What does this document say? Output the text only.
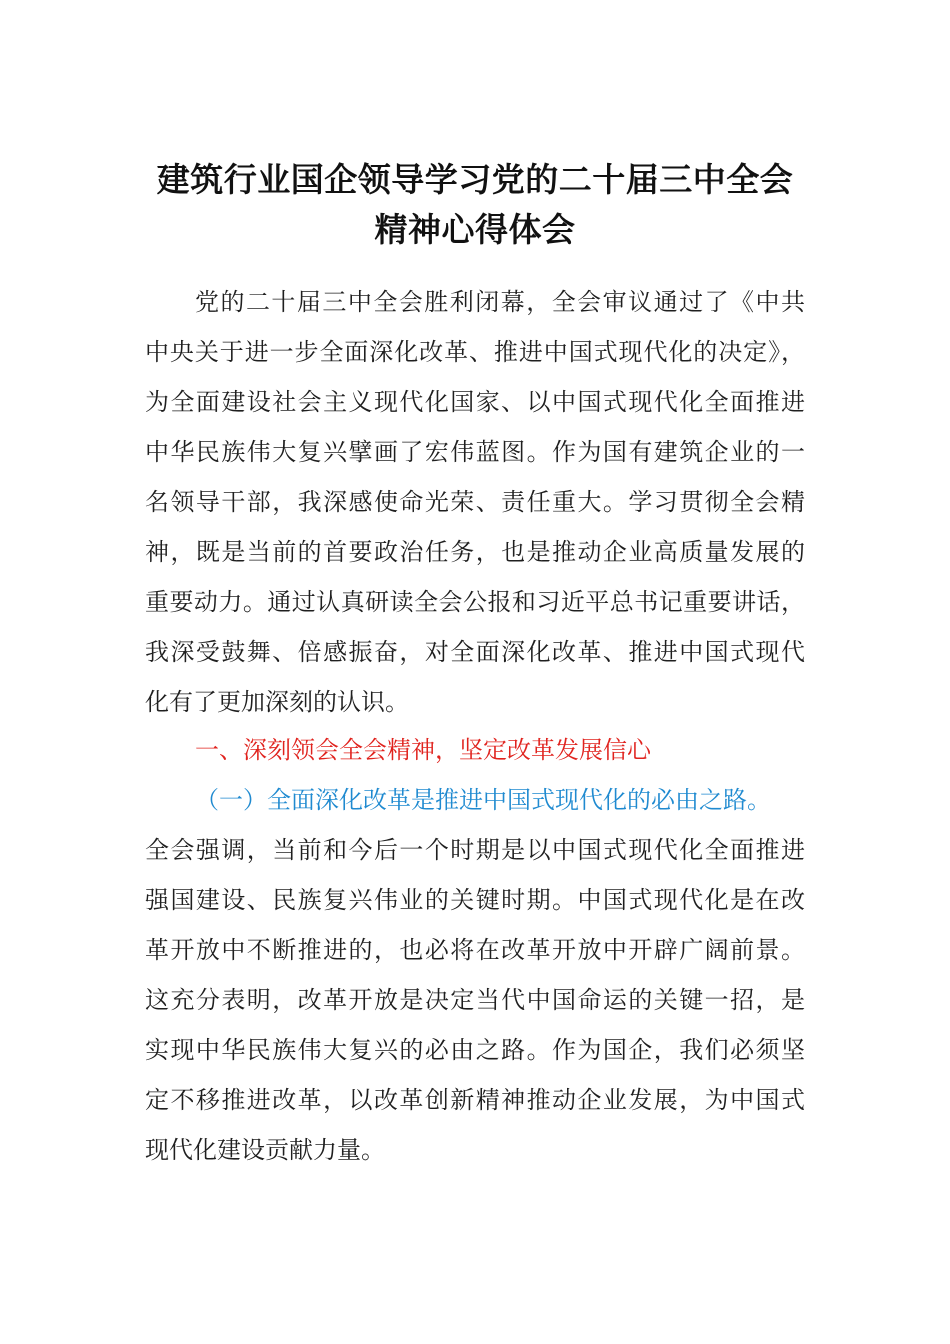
建筑行业国企领导学习党的二十届三中全会
精神心得体会
党的二十届三中全会胜利闭幕，全会审议通过了《中共
中央关于进一步全面深化改革、推进中国式现代化的决定》，
为全面建设社会主义现代化国家、以中国式现代化全面推进
中华民族伟大复兴擘画了宏伟蓝图。作为国有建筑企业的一
名领导干部，我深感使命光荣、责任重大。学习贯彻全会精
神，既是当前的首要政治任务，也是推动企业高质量发展的
重要动力。通过认真研读全会公报和习近平总书记重要讲话，
我深受鼓舞、倍感振奋，对全面深化改革、推进中国式现代
化有了更加深刻的认识。
一、深刻领会全会精神，坚定改革发展信心
（一）全面深化改革是推进中国式现代化的必由之路。
全会强调，当前和今后一个时期是以中国式现代化全面推进
强国建设、民族复兴伟业的关键时期。中国式现代化是在改
革开放中不断推进的，也必将在改革开放中开辟广阔前景。
这充分表明，改革开放是决定当代中国命运的关键一招，是
实现中华民族伟大复兴的必由之路。作为国企，我们必须坚
定不移推进改革，以改革创新精神推动企业发展，为中国式
现代化建设贡献力量。
